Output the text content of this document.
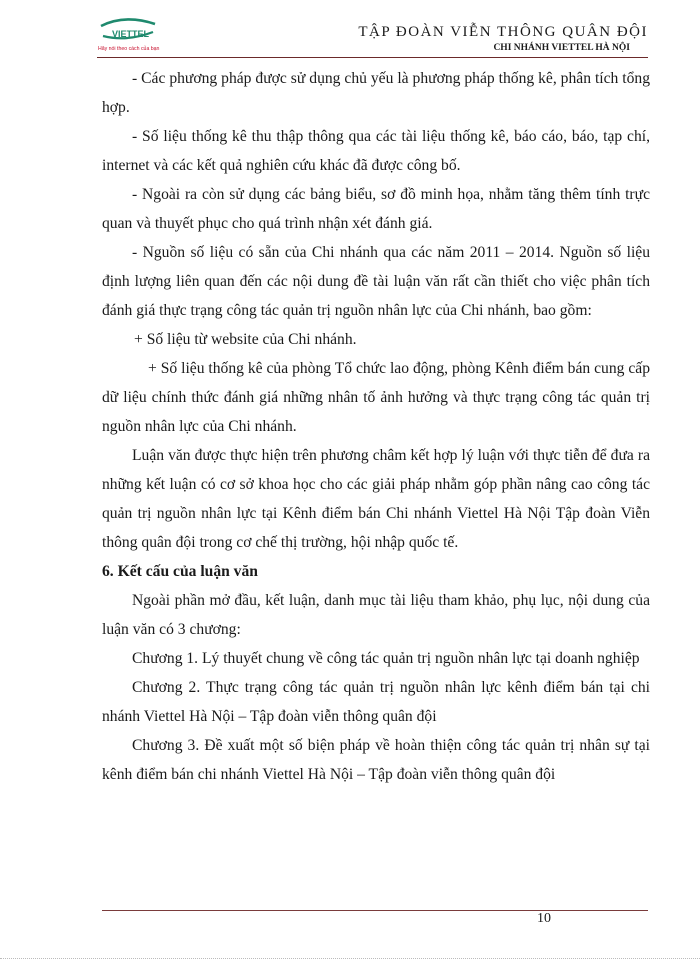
VIETTEL
Hãy nói theo cách của bạn
TẬP ĐOÀN VIỄN THÔNG QUÂN ĐỘI
CHI NHÁNH VIETTEL HÀ NỘI

- Các phương pháp được sử dụng chủ yếu là phương pháp thống kê, phân tích tổng hợp.

- Số liệu thống kê thu thập thông qua các tài liệu thống kê, báo cáo, báo, tạp chí, internet và các kết quả nghiên cứu khác đã được công bố.

- Ngoài ra còn sử dụng các bảng biểu, sơ đồ minh họa, nhằm tăng thêm tính trực quan và thuyết phục cho quá trình nhận xét đánh giá.

- Nguồn số liệu có sẵn của Chi nhánh qua các năm 2011 – 2014. Nguồn số liệu định lượng liên quan đến các nội dung đề tài luận văn rất cần thiết cho việc phân tích đánh giá thực trạng công tác quản trị nguồn nhân lực của Chi nhánh, bao gồm:

+ Số liệu từ website của Chi nhánh.

+ Số liệu thống kê của phòng Tổ chức lao động, phòng Kênh điểm bán cung cấp dữ liệu chính thức đánh giá những nhân tố ảnh hưởng và thực trạng công tác quản trị nguồn nhân lực của Chi nhánh.

Luận văn được thực hiện trên phương châm kết hợp lý luận với thực tiễn để đưa ra những kết luận có cơ sở khoa học cho các giải pháp nhằm góp phần nâng cao công tác quản trị nguồn nhân lực tại Kênh điểm bán Chi nhánh Viettel Hà Nội Tập đoàn Viễn thông quân đội trong cơ chế thị trường, hội nhập quốc tế.

6. Kết cấu của luận văn

Ngoài phần mở đầu, kết luận, danh mục tài liệu tham khảo, phụ lục, nội dung của luận văn có 3 chương:

Chương 1. Lý thuyết chung về công tác quản trị nguồn nhân lực tại doanh nghiệp

Chương 2. Thực trạng công tác quản trị nguồn nhân lực kênh điểm bán tại chi nhánh Viettel Hà Nội – Tập đoàn viễn thông quân đội

Chương 3. Đề xuất một số biện pháp về hoàn thiện công tác quản trị nhân sự tại kênh điểm bán chi nhánh Viettel Hà Nội – Tập đoàn viễn thông quân đội

10
